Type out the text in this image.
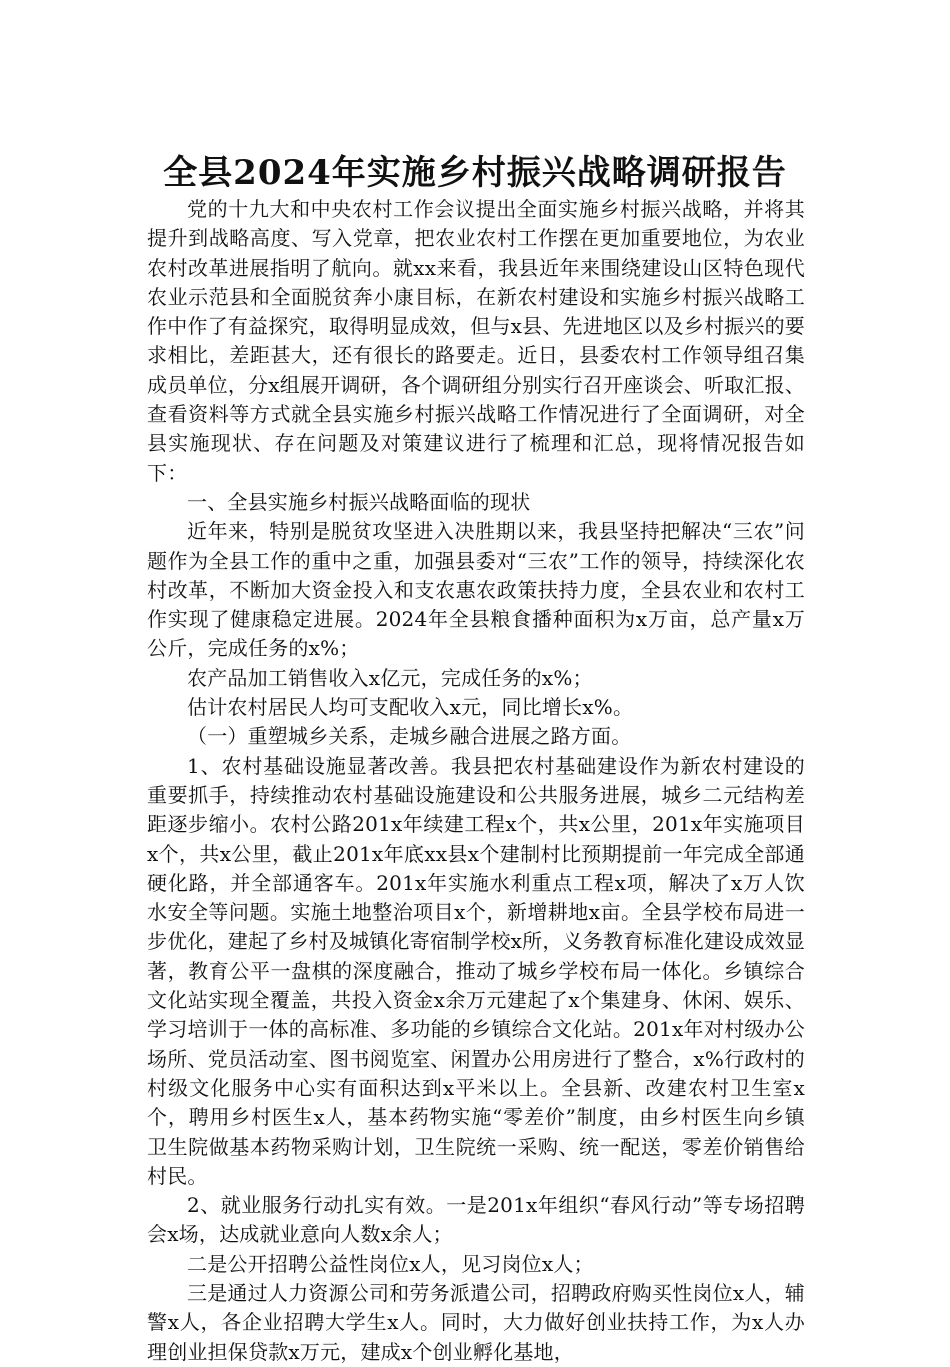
全县2024年实施乡村振兴战略调研报告

党的十九大和中央农村工作会议提出全面实施乡村振兴战略，并将其提升到战略高度、写入党章，把农业农村工作摆在更加重要地位，为农业农村改革进展指明了航向。就xx来看，我县近年来围绕建设山区特色现代农业示范县和全面脱贫奔小康目标，在新农村建设和实施乡村振兴战略工作中作了有益探究，取得明显成效，但与x县、先进地区以及乡村振兴的要求相比，差距甚大，还有很长的路要走。近日，县委农村工作领导组召集成员单位，分x组展开调研，各个调研组分别实行召开座谈会、听取汇报、查看资料等方式就全县实施乡村振兴战略工作情况进行了全面调研，对全县实施现状、存在问题及对策建议进行了梳理和汇总，现将情况报告如下：

一、全县实施乡村振兴战略面临的现状

近年来，特别是脱贫攻坚进入决胜期以来，我县坚持把解决“三农”问题作为全县工作的重中之重，加强县委对“三农”工作的领导，持续深化农村改革，不断加大资金投入和支农惠农政策扶持力度，全县农业和农村工作实现了健康稳定进展。2024年全县粮食播种面积为x万亩，总产量x万公斤，完成任务的x%；

农产品加工销售收入x亿元，完成任务的x%；

估计农村居民人均可支配收入x元，同比增长x%。

（一）重塑城乡关系，走城乡融合进展之路方面。

1、农村基础设施显著改善。我县把农村基础建设作为新农村建设的重要抓手，持续推动农村基础设施建设和公共服务进展，城乡二元结构差距逐步缩小。农村公路201x年续建工程x个，共x公里，201x年实施项目x个，共x公里，截止201x年底xx县x个建制村比预期提前一年完成全部通硬化路，并全部通客车。201x年实施水利重点工程x项，解决了x万人饮水安全等问题。实施土地整治项目x个，新增耕地x亩。全县学校布局进一步优化，建起了乡村及城镇化寄宿制学校x所，义务教育标准化建设成效显著，教育公平一盘棋的深度融合，推动了城乡学校布局一体化。乡镇综合文化站实现全覆盖，共投入资金x余万元建起了x个集建身、休闲、娱乐、学习培训于一体的高标准、多功能的乡镇综合文化站。201x年对村级办公场所、党员活动室、图书阅览室、闲置办公用房进行了整合，x%行政村的村级文化服务中心实有面积达到x平米以上。全县新、改建农村卫生室x个，聘用乡村医生x人，基本药物实施“零差价”制度，由乡村医生向乡镇卫生院做基本药物采购计划，卫生院统一采购、统一配送，零差价销售给村民。

2、就业服务行动扎实有效。一是201x年组织“春风行动”等专场招聘会x场，达成就业意向人数x余人；

二是公开招聘公益性岗位x人，见习岗位x人；

三是通过人力资源公司和劳务派遣公司，招聘政府购买性岗位x人，辅警x人，各企业招聘大学生x人。同时，大力做好创业扶持工作，为x人办理创业担保贷款x万元，建成x个创业孵化基地，
